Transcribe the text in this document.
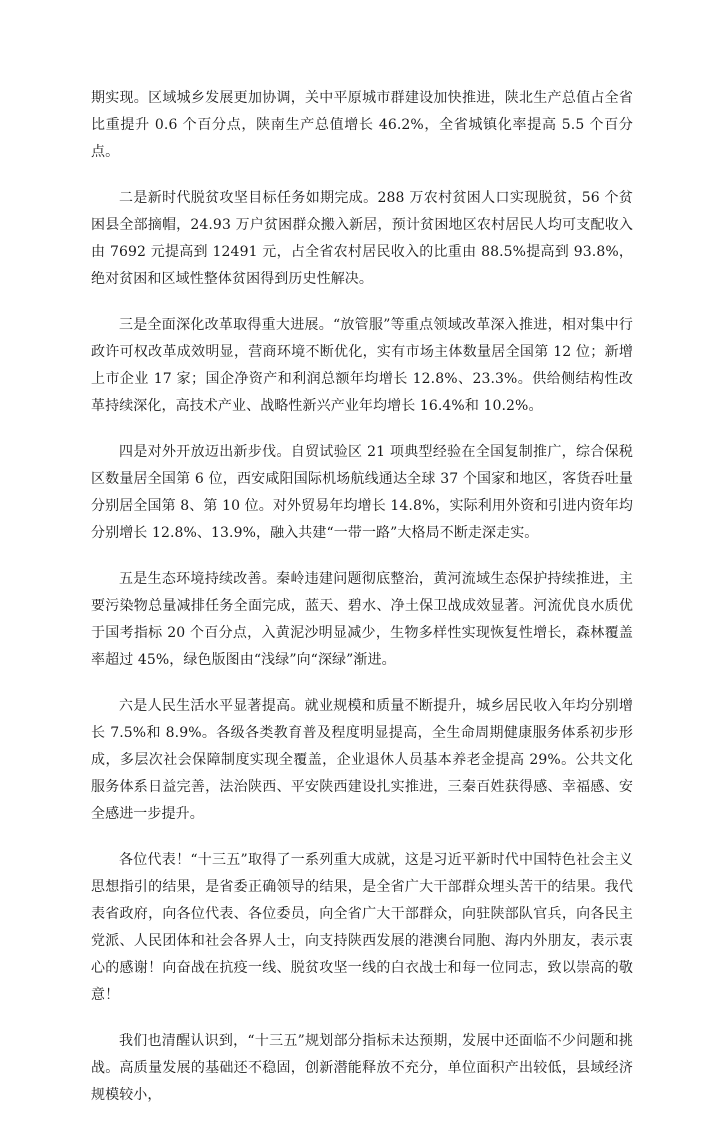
期实现。区域城乡发展更加协调，关中平原城市群建设加快推进，陕北生产总值占全省比重提升 0.6 个百分点，陕南生产总值增长 46.2%，全省城镇化率提高 5.5 个百分点。

二是新时代脱贫攻坚目标任务如期完成。288 万农村贫困人口实现脱贫，56 个贫困县全部摘帽，24.93 万户贫困群众搬入新居，预计贫困地区农村居民人均可支配收入由 7692 元提高到 12491 元，占全省农村居民收入的比重由 88.5%提高到 93.8%，绝对贫困和区域性整体贫困得到历史性解决。

三是全面深化改革取得重大进展。“放管服”等重点领域改革深入推进，相对集中行政许可权改革成效明显，营商环境不断优化，实有市场主体数量居全国第 12 位；新增上市企业 17 家；国企净资产和利润总额年均增长 12.8%、23.3%。供给侧结构性改革持续深化，高技术产业、战略性新兴产业年均增长 16.4%和 10.2%。

四是对外开放迈出新步伐。自贸试验区 21 项典型经验在全国复制推广，综合保税区数量居全国第 6 位，西安咸阳国际机场航线通达全球 37 个国家和地区，客货吞吐量分别居全国第 8、第 10 位。对外贸易年均增长 14.8%，实际利用外资和引进内资年均分别增长 12.8%、13.9%，融入共建“一带一路”大格局不断走深走实。

五是生态环境持续改善。秦岭违建问题彻底整治，黄河流域生态保护持续推进，主要污染物总量减排任务全面完成，蓝天、碧水、净土保卫战成效显著。河流优良水质优于国考指标 20 个百分点，入黄泥沙明显减少，生物多样性实现恢复性增长，森林覆盖率超过 45%，绿色版图由“浅绿”向“深绿”渐进。

六是人民生活水平显著提高。就业规模和质量不断提升，城乡居民收入年均分别增长 7.5%和 8.9%。各级各类教育普及程度明显提高，全生命周期健康服务体系初步形成，多层次社会保障制度实现全覆盖，企业退休人员基本养老金提高 29%。公共文化服务体系日益完善，法治陕西、平安陕西建设扎实推进，三秦百姓获得感、幸福感、安全感进一步提升。

各位代表！“十三五”取得了一系列重大成就，这是习近平新时代中国特色社会主义思想指引的结果，是省委正确领导的结果，是全省广大干部群众埋头苦干的结果。我代表省政府，向各位代表、各位委员，向全省广大干部群众，向驻陕部队官兵，向各民主党派、人民团体和社会各界人士，向支持陕西发展的港澳台同胞、海内外朋友，表示衷心的感谢！向奋战在抗疫一线、脱贫攻坚一线的白衣战士和每一位同志，致以崇高的敬意！

我们也清醒认识到，“十三五”规划部分指标未达预期，发展中还面临不少问题和挑战。高质量发展的基础还不稳固，创新潜能释放不充分，单位面积产出较低，县域经济规模较小，
